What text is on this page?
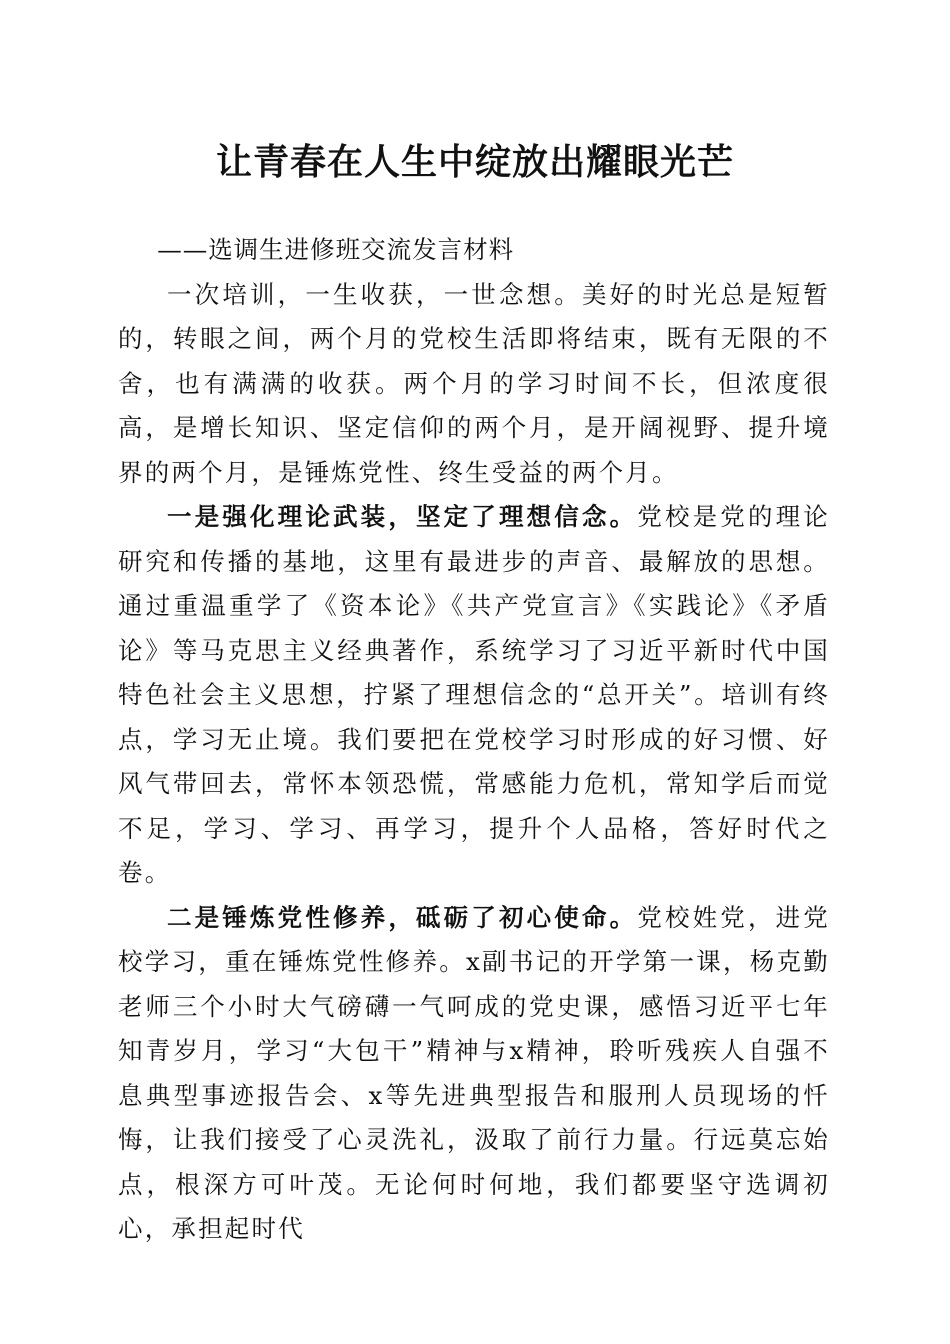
让青春在人生中绽放出耀眼光芒

——选调生进修班交流发言材料

一次培训，一生收获，一世念想。美好的时光总是短暂的，转眼之间，两个月的党校生活即将结束，既有无限的不舍，也有满满的收获。两个月的学习时间不长，但浓度很高，是增长知识、坚定信仰的两个月，是开阔视野、提升境界的两个月，是锤炼党性、终生受益的两个月。

一是强化理论武装，坚定了理想信念。党校是党的理论研究和传播的基地，这里有最进步的声音、最解放的思想。通过重温重学了《资本论》《共产党宣言》《实践论》《矛盾论》等马克思主义经典著作，系统学习了习近平新时代中国特色社会主义思想，拧紧了理想信念的“总开关”。培训有终点，学习无止境。我们要把在党校学习时形成的好习惯、好风气带回去，常怀本领恐慌，常感能力危机，常知学后而觉不足，学习、学习、再学习，提升个人品格，答好时代之卷。

二是锤炼党性修养，砥砺了初心使命。党校姓党，进党校学习，重在锤炼党性修养。x副书记的开学第一课，杨克勤老师三个小时大气磅礴一气呵成的党史课，感悟习近平七年知青岁月，学习“大包干”精神与x精神，聆听残疾人自强不息典型事迹报告会、x等先进典型报告和服刑人员现场的忏悔，让我们接受了心灵洗礼，汲取了前行力量。行远莫忘始点，根深方可叶茂。无论何时何地，我们都要坚守选调初心，承担起时代
